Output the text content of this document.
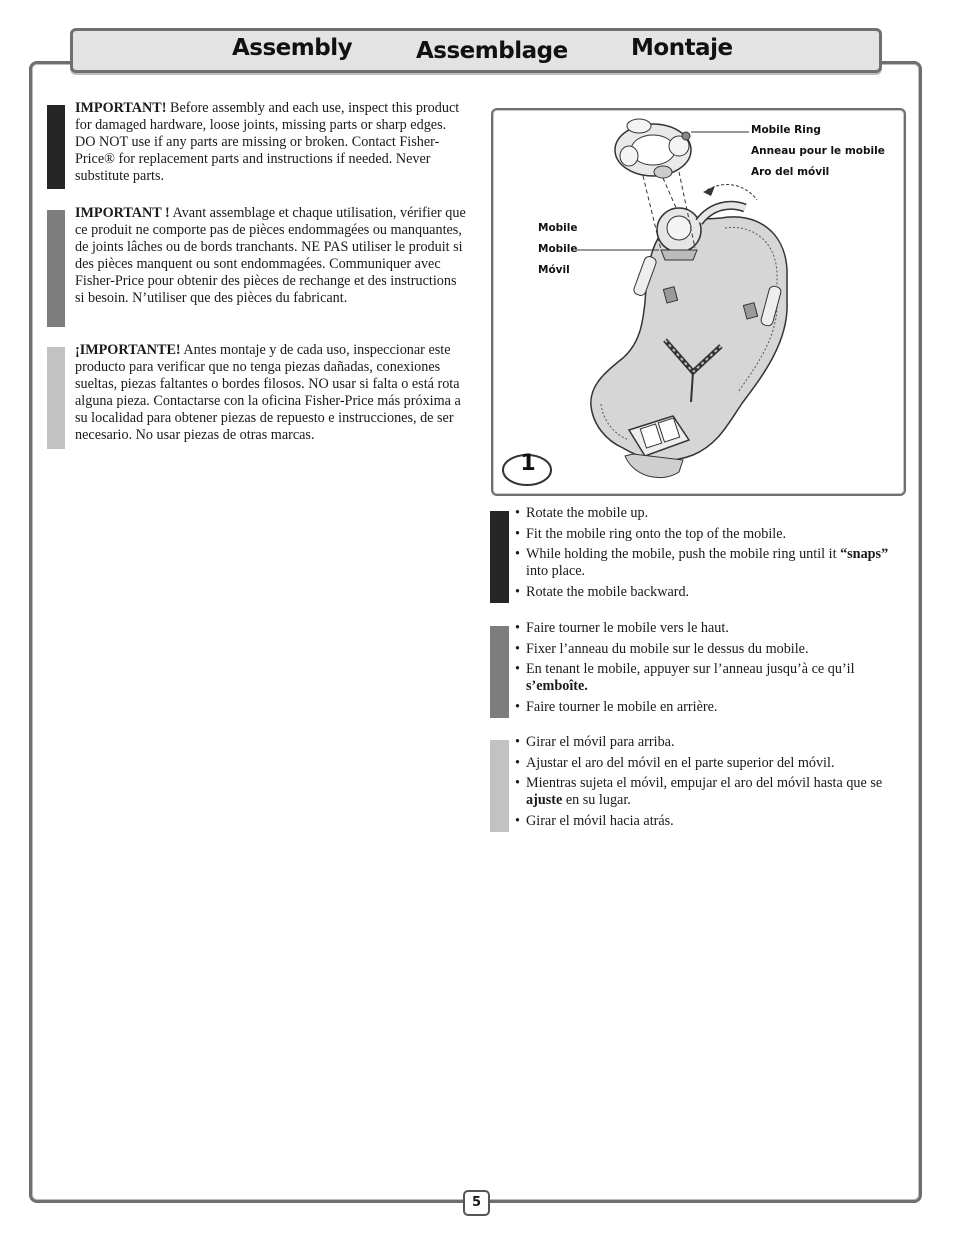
Assembly	Assemblage	Montaje
IMPORTANT! Before assembly and each use, inspect this product for damaged hardware, loose joints, missing parts or sharp edges. DO NOT use if any parts are missing or broken. Contact Fisher-Price® for replacement parts and instructions if needed. Never substitute parts.
IMPORTANT ! Avant assemblage et chaque utilisation, vérifier que ce produit ne comporte pas de pièces endommagées ou manquantes, de joints lâches ou de bords tranchants. NE PAS utiliser le produit si des pièces manquent ou sont endommagées. Communiquer avec Fisher-Price pour obtenir des pièces de rechange et des instructions si besoin. N’utiliser que des pièces du fabricant.
¡IMPORTANTE! Antes montaje y de cada uso, inspeccionar este producto para verificar que no tenga piezas dañadas, conexiones sueltas, piezas faltantes o bordes filosos. NO usar si falta o está rota alguna pieza. Contactarse con la oficina Fisher-Price más próxima a su localidad para obtener piezas de repuesto e instrucciones, de ser necesario. No usar piezas de otras marcas.
1
Mobile Ring
Anneau pour le mobile
Aro del móvil
Mobile
Mobile
Móvil
• Rotate the mobile up.
• Fit the mobile ring onto the top of the mobile.
• While holding the mobile, push the mobile ring until it “snaps” into place.
• Rotate the mobile backward.
• Faire tourner le mobile vers le haut.
• Fixer l’anneau du mobile sur le dessus du mobile.
• En tenant le mobile, appuyer sur l’anneau jusqu’à ce qu’il s’emboîte.
• Faire tourner le mobile en arrière.
• Girar el móvil para arriba.
• Ajustar el aro del móvil en el parte superior del móvil.
• Mientras sujeta el móvil, empujar el aro del móvil hasta que se ajuste en su lugar.
• Girar el móvil hacia atrás.
5
